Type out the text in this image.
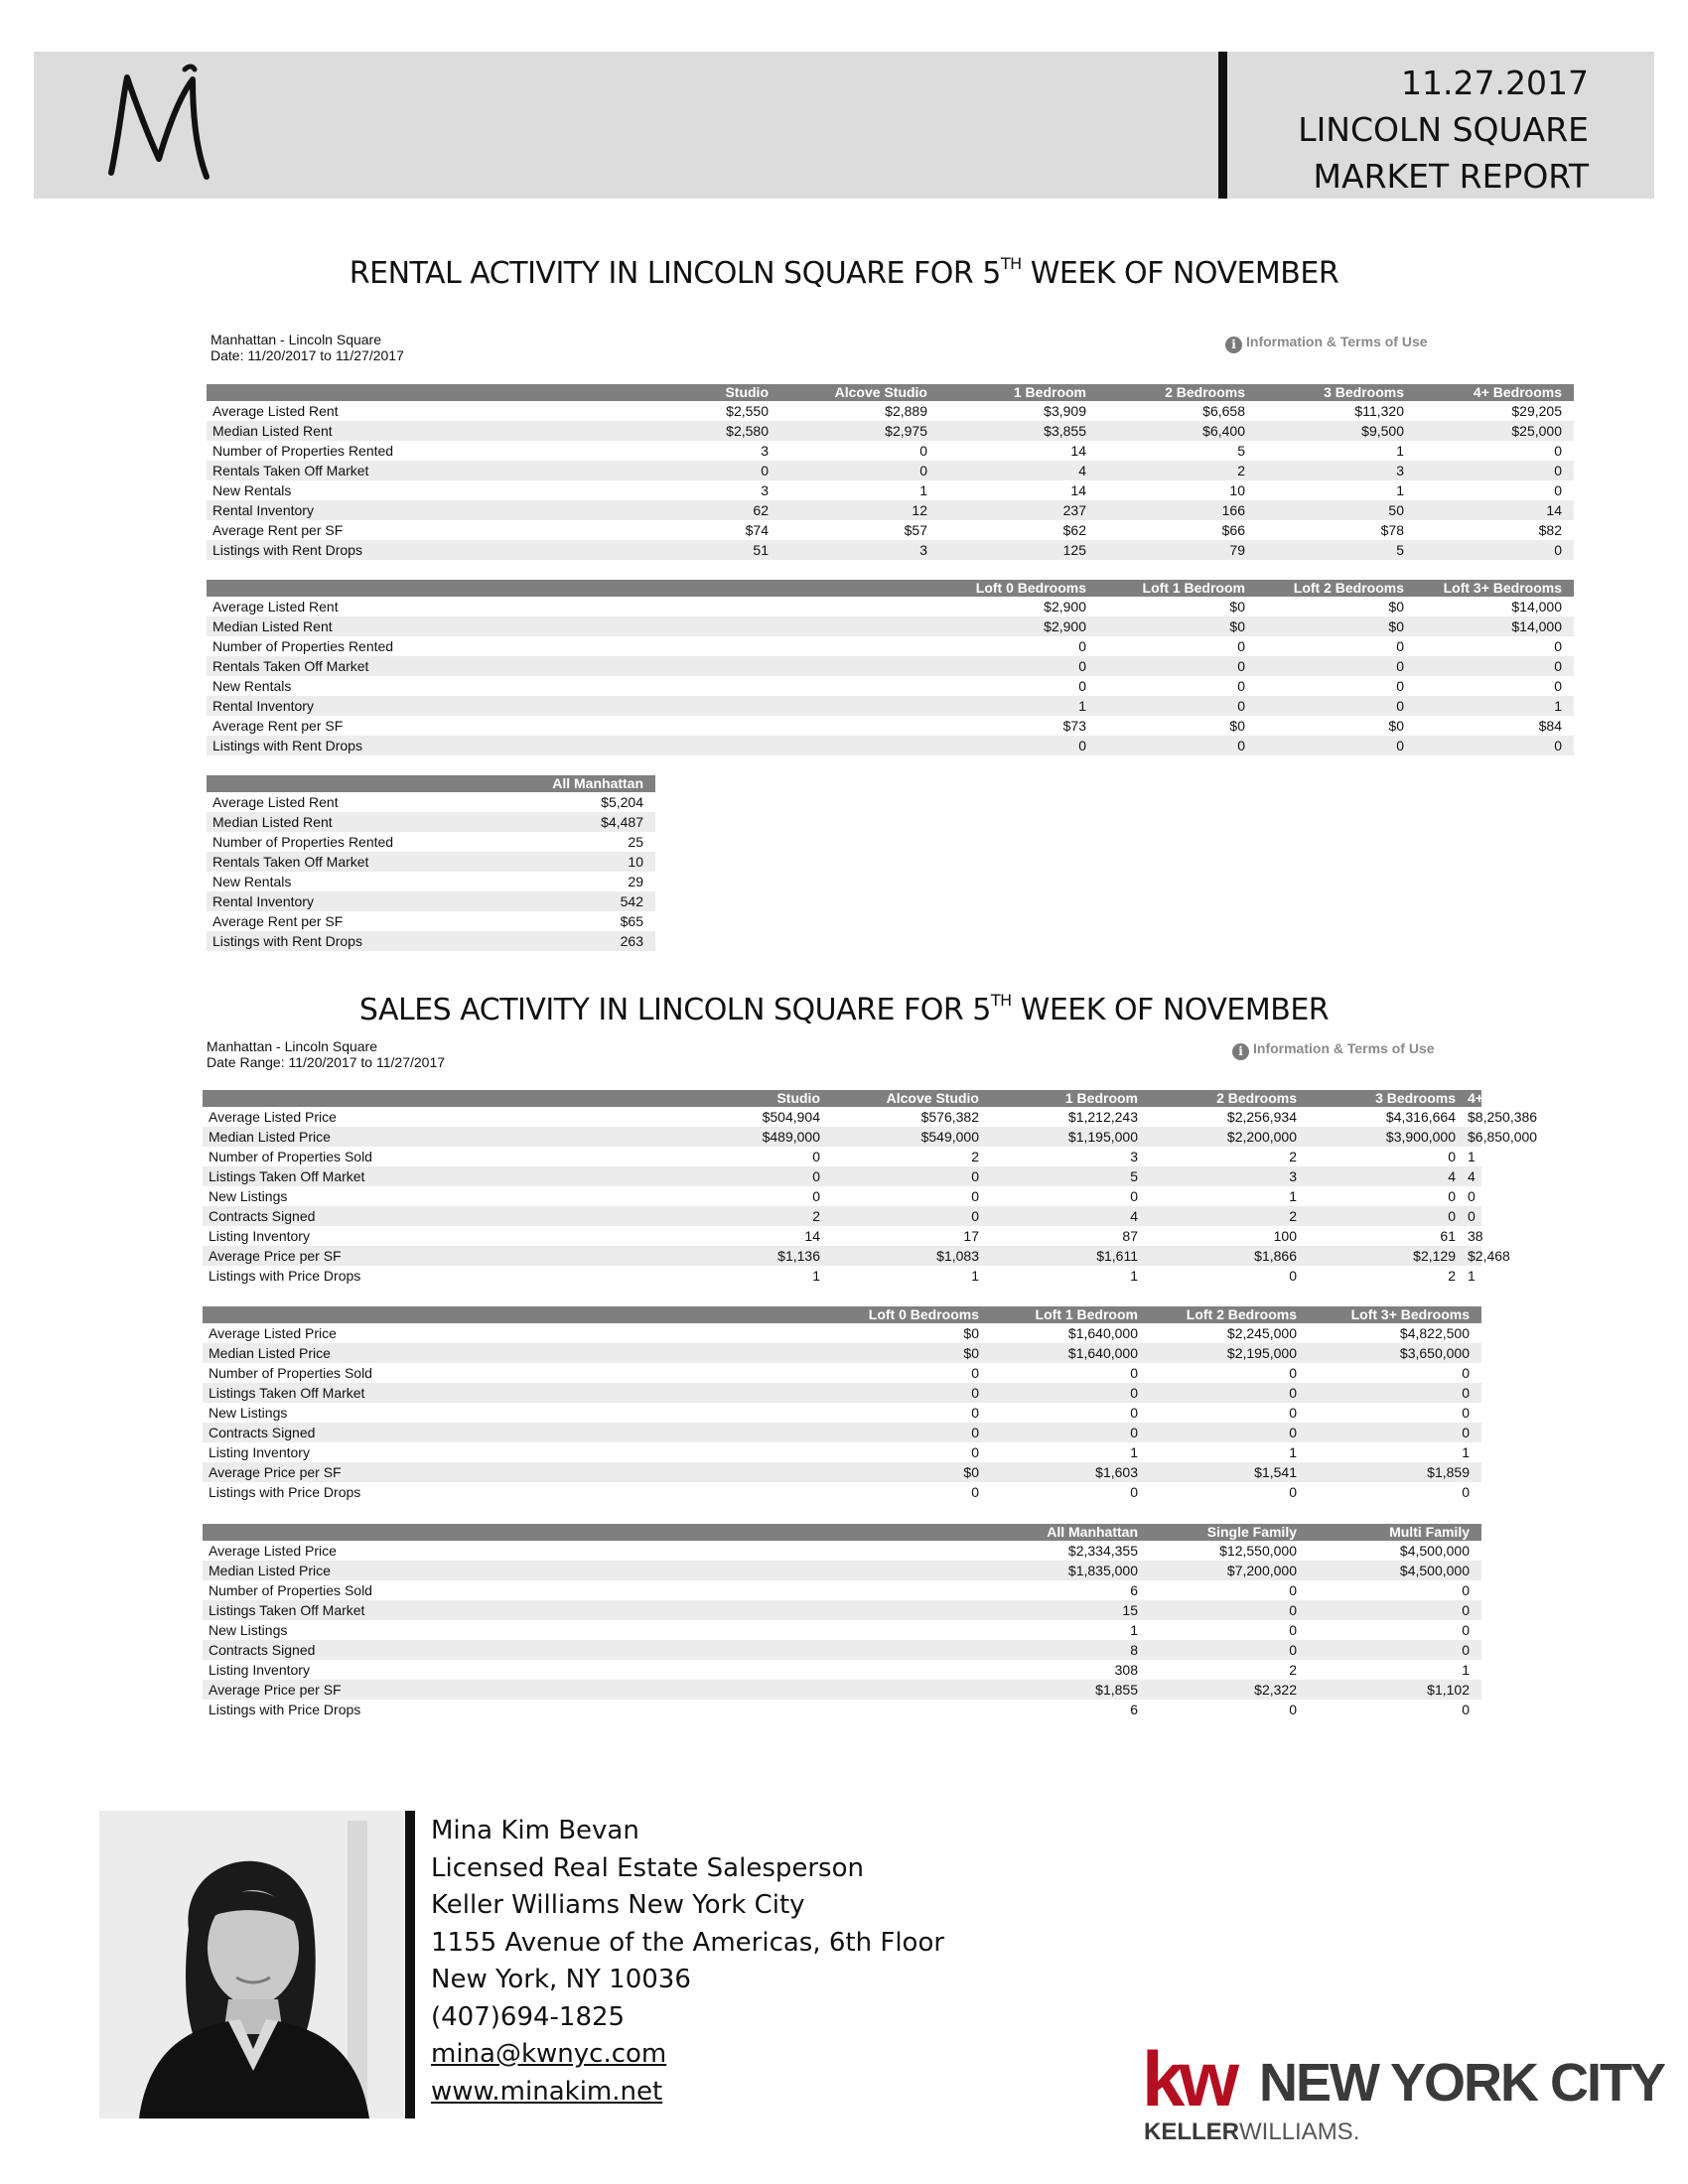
11.27.2017
LINCOLN SQUARE
MARKET REPORT
RENTAL ACTIVITY IN LINCOLN SQUARE FOR 5TH WEEK OF NOVEMBER
Manhattan - Lincoln Square
Date: 11/20/2017 to 11/27/2017
i Information & Terms of Use
	Studio	Alcove Studio	1 Bedroom	2 Bedrooms	3 Bedrooms	4+ Bedrooms
Average Listed Rent	$2,550	$2,889	$3,909	$6,658	$11,320	$29,205
Median Listed Rent	$2,580	$2,975	$3,855	$6,400	$9,500	$25,000
Number of Properties Rented	3	0	14	5	1	0
Rentals Taken Off Market	0	0	4	2	3	0
New Rentals	3	1	14	10	1	0
Rental Inventory	62	12	237	166	50	14
Average Rent per SF	$74	$57	$62	$66	$78	$82
Listings with Rent Drops	51	3	125	79	5	0
			Loft 0 Bedrooms	Loft 1 Bedroom	Loft 2 Bedrooms	Loft 3+ Bedrooms
Average Listed Rent			$2,900	$0	$0	$14,000
Median Listed Rent			$2,900	$0	$0	$14,000
Number of Properties Rented			0	0	0	0
Rentals Taken Off Market			0	0	0	0
New Rentals			0	0	0	0
Rental Inventory			1	0	0	1
Average Rent per SF			$73	$0	$0	$84
Listings with Rent Drops			0	0	0	0
	All Manhattan
Average Listed Rent	$5,204
Median Listed Rent	$4,487
Number of Properties Rented	25
Rentals Taken Off Market	10
New Rentals	29
Rental Inventory	542
Average Rent per SF	$65
Listings with Rent Drops	263
SALES ACTIVITY IN LINCOLN SQUARE FOR 5TH WEEK OF NOVEMBER
Manhattan - Lincoln Square
Date Range: 11/20/2017 to 11/27/2017
i Information & Terms of Use
	Studio	Alcove Studio	1 Bedroom	2 Bedrooms	3 Bedrooms	4+ Bedrooms
Average Listed Price	$504,904	$576,382	$1,212,243	$2,256,934	$4,316,664	$8,250,386
Median Listed Price	$489,000	$549,000	$1,195,000	$2,200,000	$3,900,000	$6,850,000
Number of Properties Sold	0	2	3	2	0	1
Listings Taken Off Market	0	0	5	3	4	4
New Listings	0	0	0	1	0	0
Contracts Signed	2	0	4	2	0	0
Listing Inventory	14	17	87	100	61	38
Average Price per SF	$1,136	$1,083	$1,611	$1,866	$2,129	$2,468
Listings with Price Drops	1	1	1	0	2	1
			Loft 0 Bedrooms	Loft 1 Bedroom	Loft 2 Bedrooms	Loft 3+ Bedrooms
Average Listed Price			$0	$1,640,000	$2,245,000	$4,822,500
Median Listed Price			$0	$1,640,000	$2,195,000	$3,650,000
Number of Properties Sold			0	0	0	0
Listings Taken Off Market			0	0	0	0
New Listings			0	0	0	0
Contracts Signed			0	0	0	0
Listing Inventory			0	1	1	1
Average Price per SF			$0	$1,603	$1,541	$1,859
Listings with Price Drops			0	0	0	0
				All Manhattan	Single Family	Multi Family
Average Listed Price				$2,334,355	$12,550,000	$4,500,000
Median Listed Price				$1,835,000	$7,200,000	$4,500,000
Number of Properties Sold				6	0	0
Listings Taken Off Market				15	0	0
New Listings				1	0	0
Contracts Signed				8	0	0
Listing Inventory				308	2	1
Average Price per SF				$1,855	$2,322	$1,102
Listings with Price Drops				6	0	0
Mina Kim Bevan
Licensed Real Estate Salesperson
Keller Williams New York City
1155 Avenue of the Americas, 6th Floor
New York, NY 10036
(407)694-1825
mina@kwnyc.com
www.minakim.net	kw NEW YORK CITY
KELLERWILLIAMS.
